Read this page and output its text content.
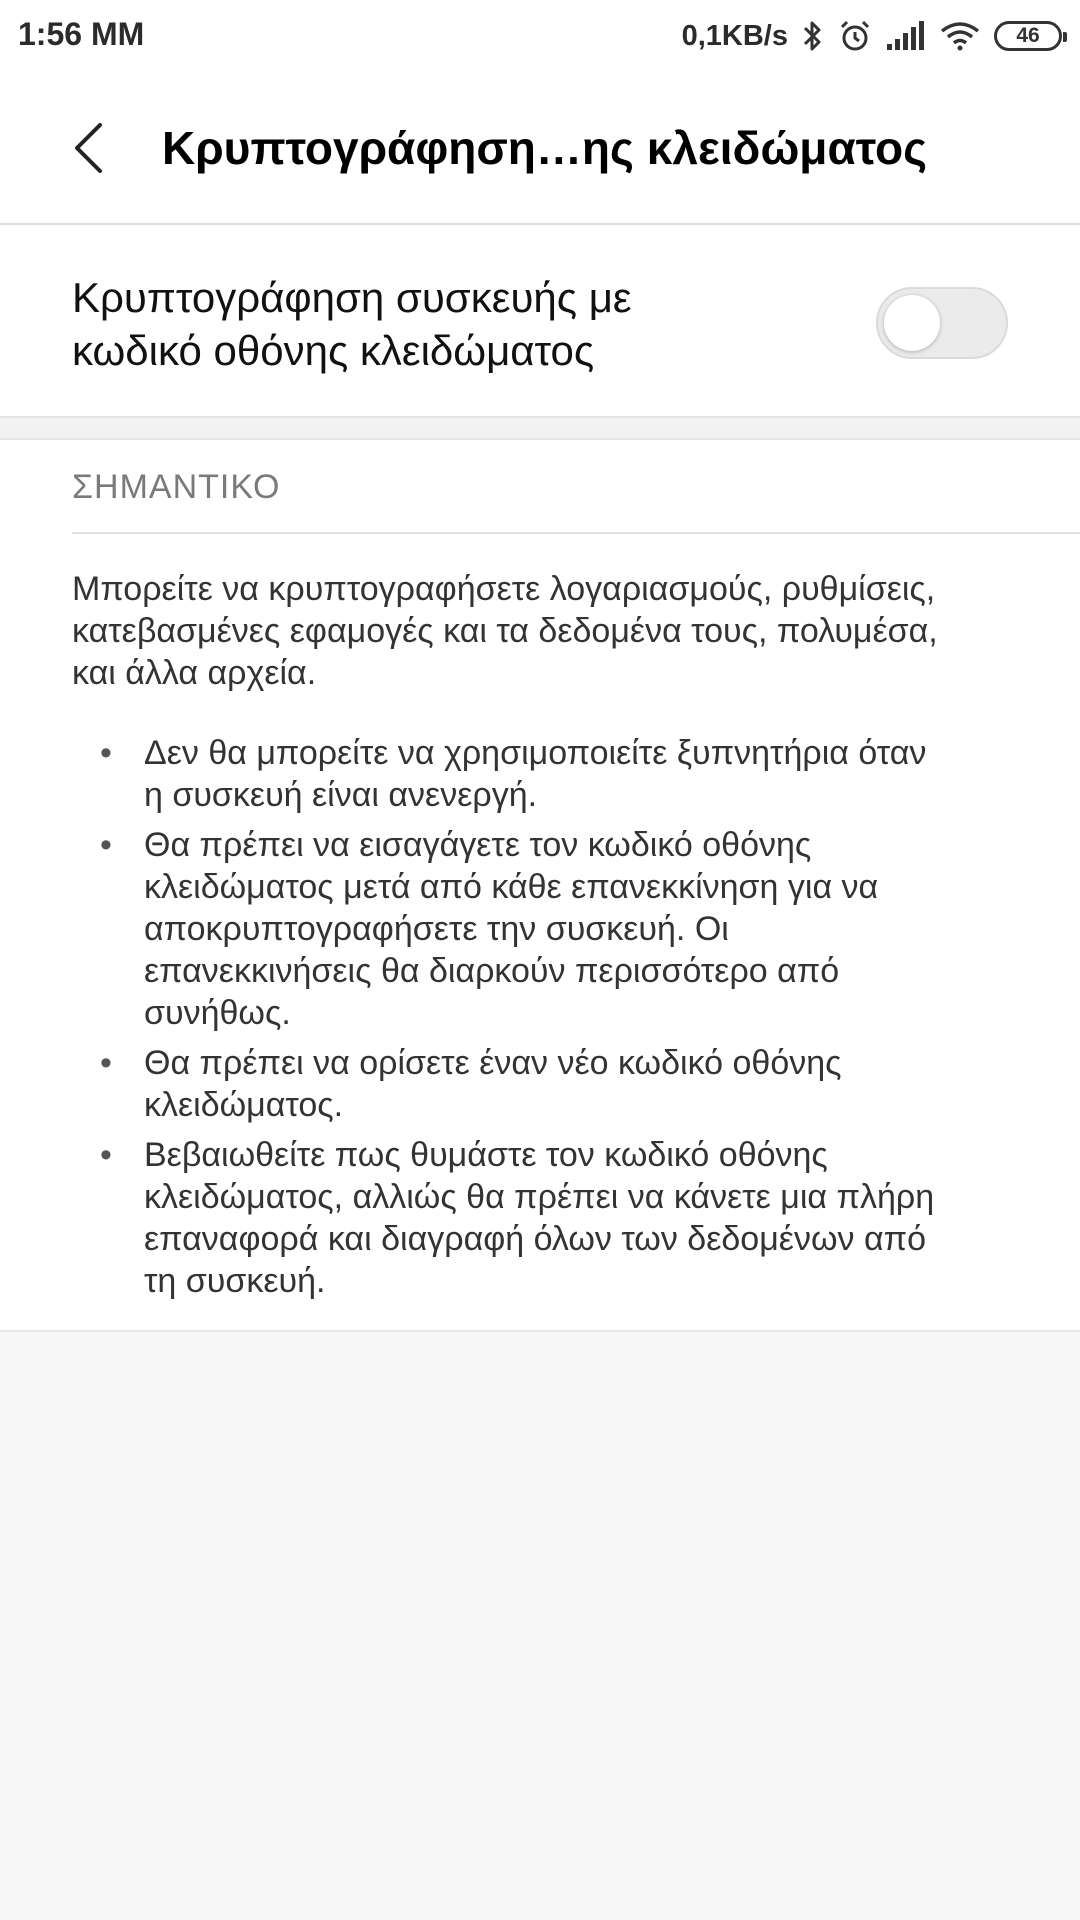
1:56 MM	0,1KB/s	46
Κρυπτογράφηση…ης κλειδώματος
Κρυπτογράφηση συσκευής με κωδικό οθόνης κλειδώματος
ΣΗΜΑΝΤΙΚΟ
Μπορείτε να κρυπτογραφήσετε λογαριασμούς, ρυθμίσεις, κατεβασμένες εφαμογές και τα δεδομένα τους, πολυμέσα, και άλλα αρχεία.
• Δεν θα μπορείτε να χρησιμοποιείτε ξυπνητήρια όταν η συσκευή είναι ανενεργή.
• Θα πρέπει να εισαγάγετε τον κωδικό οθόνης κλειδώματος μετά από κάθε επανεκκίνηση για να αποκρυπτογραφήσετε την συσκευή. Οι επανεκκινήσεις θα διαρκούν περισσότερο από συνήθως.
• Θα πρέπει να ορίσετε έναν νέο κωδικό οθόνης κλειδώματος.
• Βεβαιωθείτε πως θυμάστε τον κωδικό οθόνης κλειδώματος, αλλιώς θα πρέπει να κάνετε μια πλήρη επαναφορά και διαγραφή όλων των δεδομένων από τη συσκευή.
